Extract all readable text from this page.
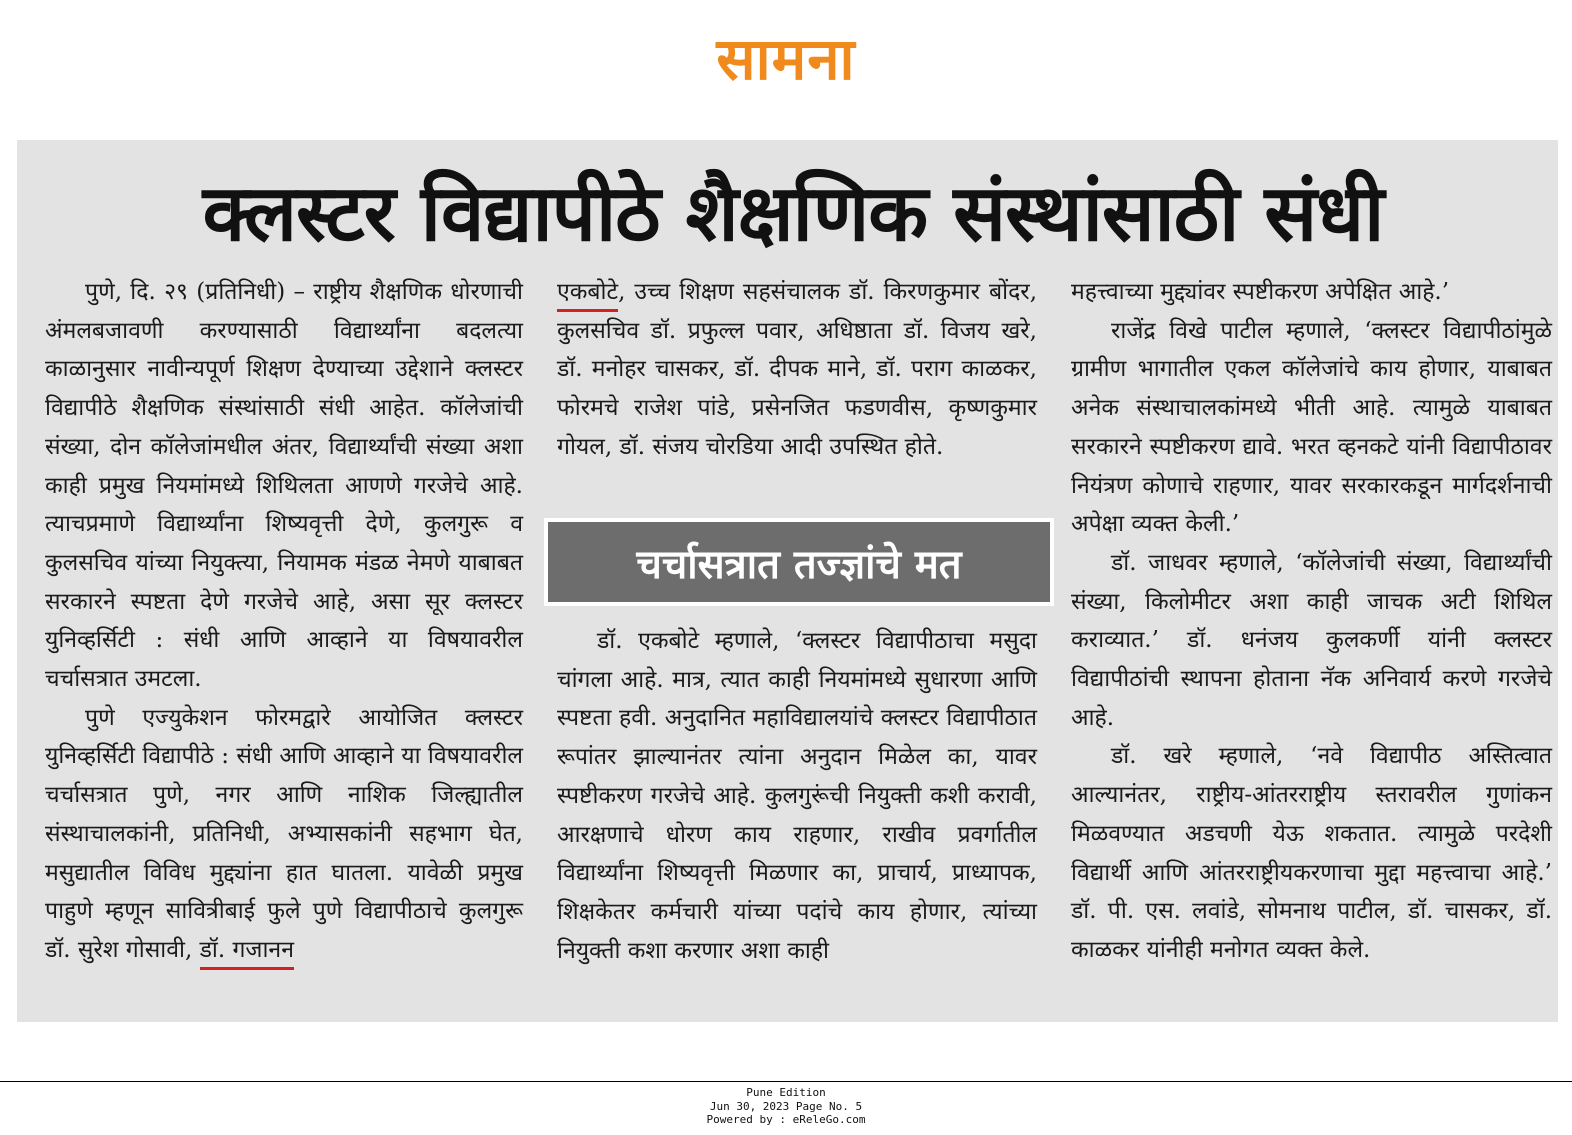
सामना
क्लस्टर विद्यापीठे शैक्षणिक संस्थांसाठी संधी

पुणे, दि. २९ (प्रतिनिधी) – राष्ट्रीय शैक्षणिक धोरणाची अंमलबजावणी करण्यासाठी विद्यार्थ्यांना बदलत्या काळानुसार नावीन्यपूर्ण शिक्षण देण्याच्या उद्देशाने क्लस्टर विद्यापीठे शैक्षणिक संस्थांसाठी संधी आहेत. कॉलेजांची संख्या, दोन कॉलेजांमधील अंतर, विद्यार्थ्यांची संख्या अशा काही प्रमुख नियमांमध्ये शिथिलता आणणे गरजेचे आहे. त्याचप्रमाणे विद्यार्थ्यांना शिष्यवृत्ती देणे, कुलगुरू व कुलसचिव यांच्या नियुक्त्या, नियामक मंडळ नेमणे याबाबत सरकारने स्पष्टता देणे गरजेचे आहे, असा सूर क्लस्टर युनिव्हर्सिटी : संधी आणि आव्हाने या विषयावरील चर्चासत्रात उमटला.

पुणे एज्युकेशन फोरमद्वारे आयोजित क्लस्टर युनिव्हर्सिटी विद्यापीठे : संधी आणि आव्हाने या विषयावरील चर्चासत्रात पुणे, नगर आणि नाशिक जिल्ह्यातील संस्थाचालकांनी, प्रतिनिधी, अभ्यासकांनी सहभाग घेत, मसुद्यातील विविध मुद्द्यांना हात घातला. यावेळी प्रमुख पाहुणे म्हणून सावित्रीबाई फुले पुणे विद्यापीठाचे कुलगुरू डॉ. सुरेश गोसावी, डॉ. गजानन

एकबोटे, उच्च शिक्षण सहसंचालक डॉ. किरणकुमार बोंदर, कुलसचिव डॉ. प्रफुल्ल पवार, अधिष्ठाता डॉ. विजय खरे, डॉ. मनोहर चासकर, डॉ. दीपक माने, डॉ. पराग काळकर, फोरमचे राजेश पांडे, प्रसेनजित फडणवीस, कृष्णकुमार गोयल, डॉ. संजय चोरडिया आदी उपस्थित होते.

चर्चासत्रात तज्ज्ञांचे मत

डॉ. एकबोटे म्हणाले, ‘क्लस्टर विद्यापीठाचा मसुदा चांगला आहे. मात्र, त्यात काही नियमांमध्ये सुधारणा आणि स्पष्टता हवी. अनुदानित महाविद्यालयांचे क्लस्टर विद्यापीठात रूपांतर झाल्यानंतर त्यांना अनुदान मिळेल का, यावर स्पष्टीकरण गरजेचे आहे. कुलगुरूंची नियुक्ती कशी करावी, आरक्षणाचे धोरण काय राहणार, राखीव प्रवर्गातील विद्यार्थ्यांना शिष्यवृत्ती मिळणार का, प्राचार्य, प्राध्यापक, शिक्षकेतर कर्मचारी यांच्या पदांचे काय होणार, त्यांच्या नियुक्ती कशा करणार अशा काही

महत्त्वाच्या मुद्द्यांवर स्पष्टीकरण अपेक्षित आहे.’

राजेंद्र विखे पाटील म्हणाले, ‘क्लस्टर विद्यापीठांमुळे ग्रामीण भागातील एकल कॉलेजांचे काय होणार, याबाबत अनेक संस्थाचालकांमध्ये भीती आहे. त्यामुळे याबाबत सरकारने स्पष्टीकरण द्यावे. भरत व्हनकटे यांनी विद्यापीठावर नियंत्रण कोणाचे राहणार, यावर सरकारकडून मार्गदर्शनाची अपेक्षा व्यक्त केली.’

डॉ. जाधवर म्हणाले, ‘कॉलेजांची संख्या, विद्यार्थ्यांची संख्या, किलोमीटर अशा काही जाचक अटी शिथिल कराव्यात.’ डॉ. धनंजय कुलकर्णी यांनी क्लस्टर विद्यापीठांची स्थापना होताना नॅक अनिवार्य करणे गरजेचे आहे.

डॉ. खरे म्हणाले, ‘नवे विद्यापीठ अस्तित्वात आल्यानंतर, राष्ट्रीय-आंतरराष्ट्रीय स्तरावरील गुणांकन मिळवण्यात अडचणी येऊ शकतात. त्यामुळे परदेशी विद्यार्थी आणि आंतरराष्ट्रीयकरणाचा मुद्दा महत्त्वाचा आहे.’ डॉ. पी. एस. लवांडे, सोमनाथ पाटील, डॉ. चासकर, डॉ. काळकर यांनीही मनोगत व्यक्त केले.

Pune Edition
Jun 30, 2023 Page No. 5
Powered by : eReleGo.com
